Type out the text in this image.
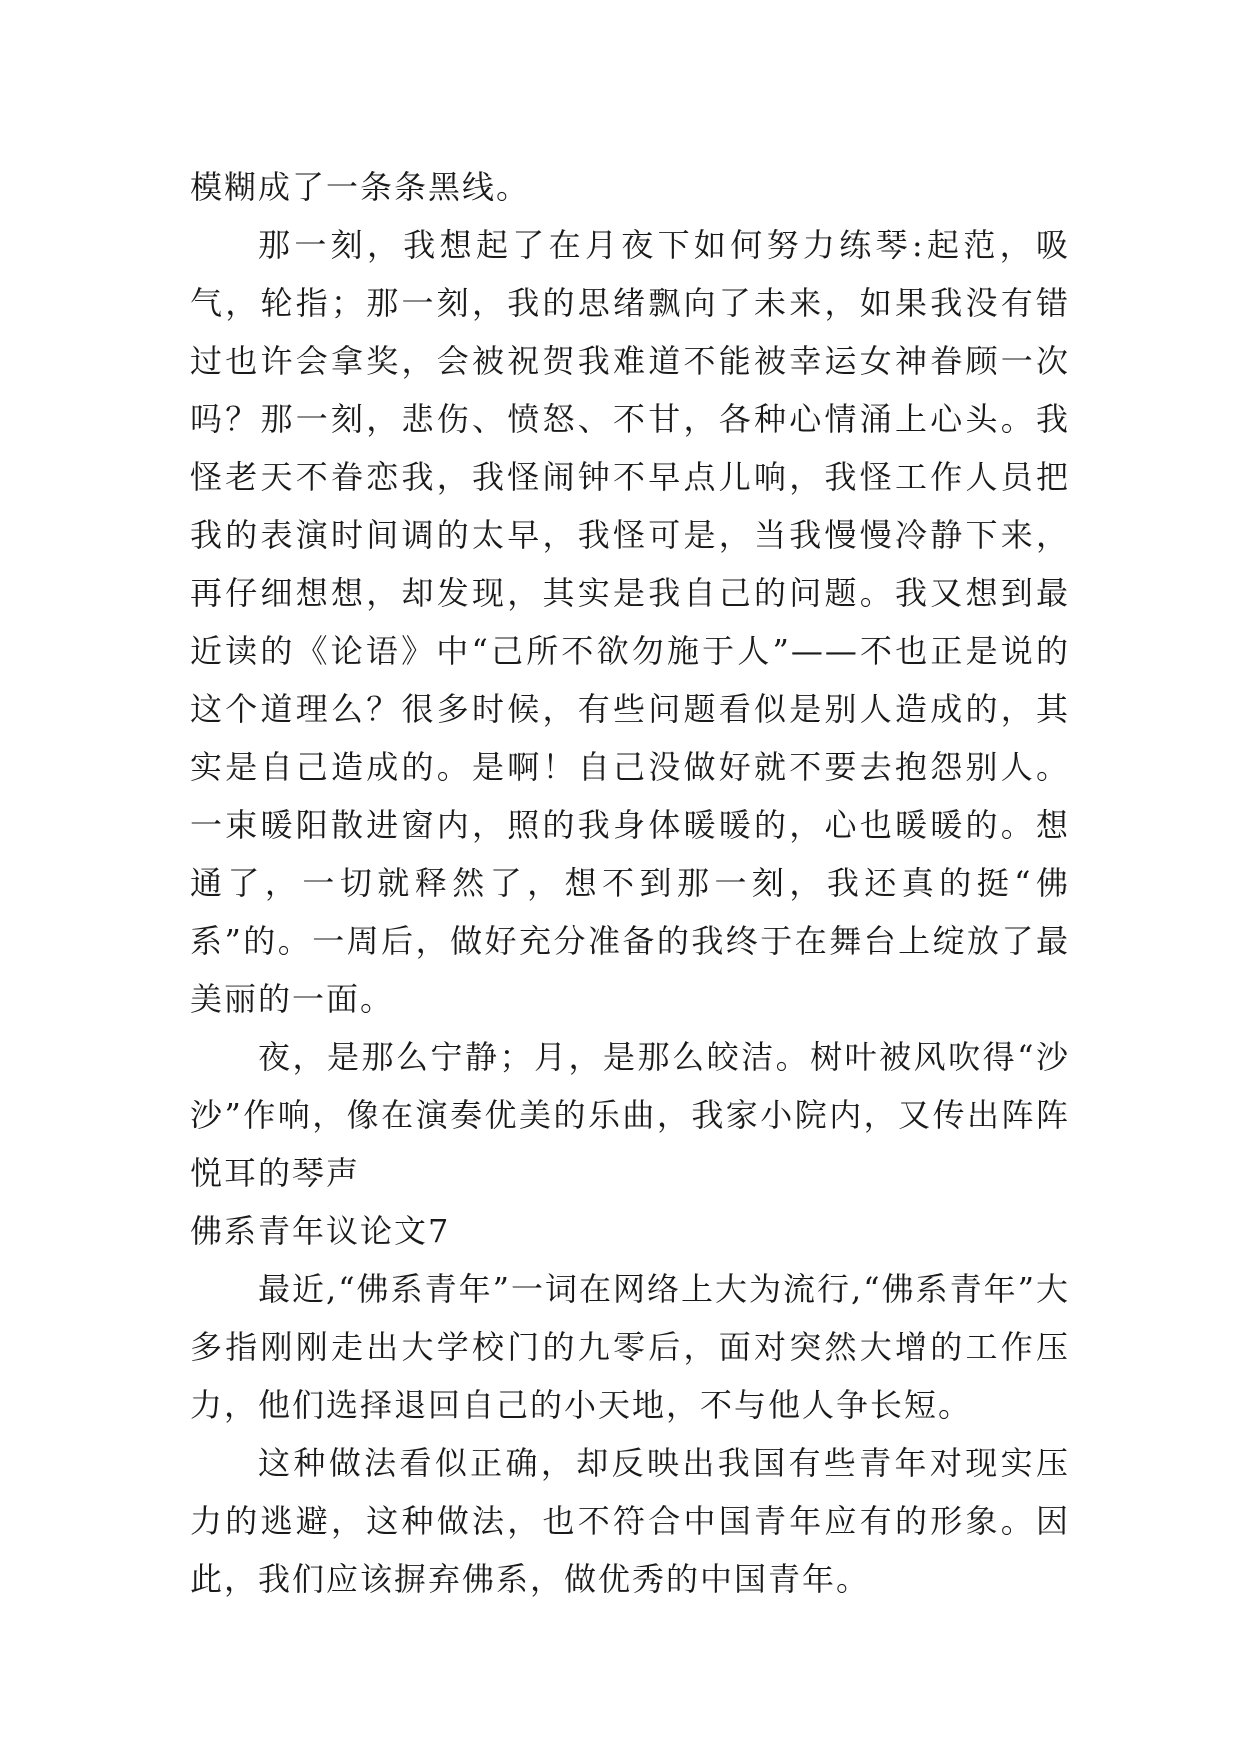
模糊成了一条条黑线。

那一刻，我想起了在月夜下如何努力练琴:起范，吸气，轮指；那一刻，我的思绪飘向了未来，如果我没有错过也许会拿奖，会被祝贺我难道不能被幸运女神眷顾一次吗？那一刻，悲伤、愤怒、不甘，各种心情涌上心头。我怪老天不眷恋我，我怪闹钟不早点儿响，我怪工作人员把我的表演时间调的太早，我怪可是，当我慢慢冷静下来，再仔细想想，却发现，其实是我自己的问题。我又想到最近读的《论语》中“己所不欲勿施于人”——不也正是说的这个道理么？很多时候，有些问题看似是别人造成的，其实是自己造成的。是啊！自己没做好就不要去抱怨别人。一束暖阳散进窗内，照的我身体暖暖的，心也暖暖的。想通了，一切就释然了，想不到那一刻，我还真的挺“佛系”的。一周后，做好充分准备的我终于在舞台上绽放了最美丽的一面。

夜，是那么宁静；月，是那么皎洁。树叶被风吹得“沙沙”作响，像在演奏优美的乐曲，我家小院内，又传出阵阵悦耳的琴声

佛系青年议论文7

最近,“佛系青年”一词在网络上大为流行,“佛系青年”大多指刚刚走出大学校门的九零后，面对突然大增的工作压力，他们选择退回自己的小天地，不与他人争长短。

这种做法看似正确，却反映出我国有些青年对现实压力的逃避，这种做法，也不符合中国青年应有的形象。因此，我们应该摒弃佛系，做优秀的中国青年。
